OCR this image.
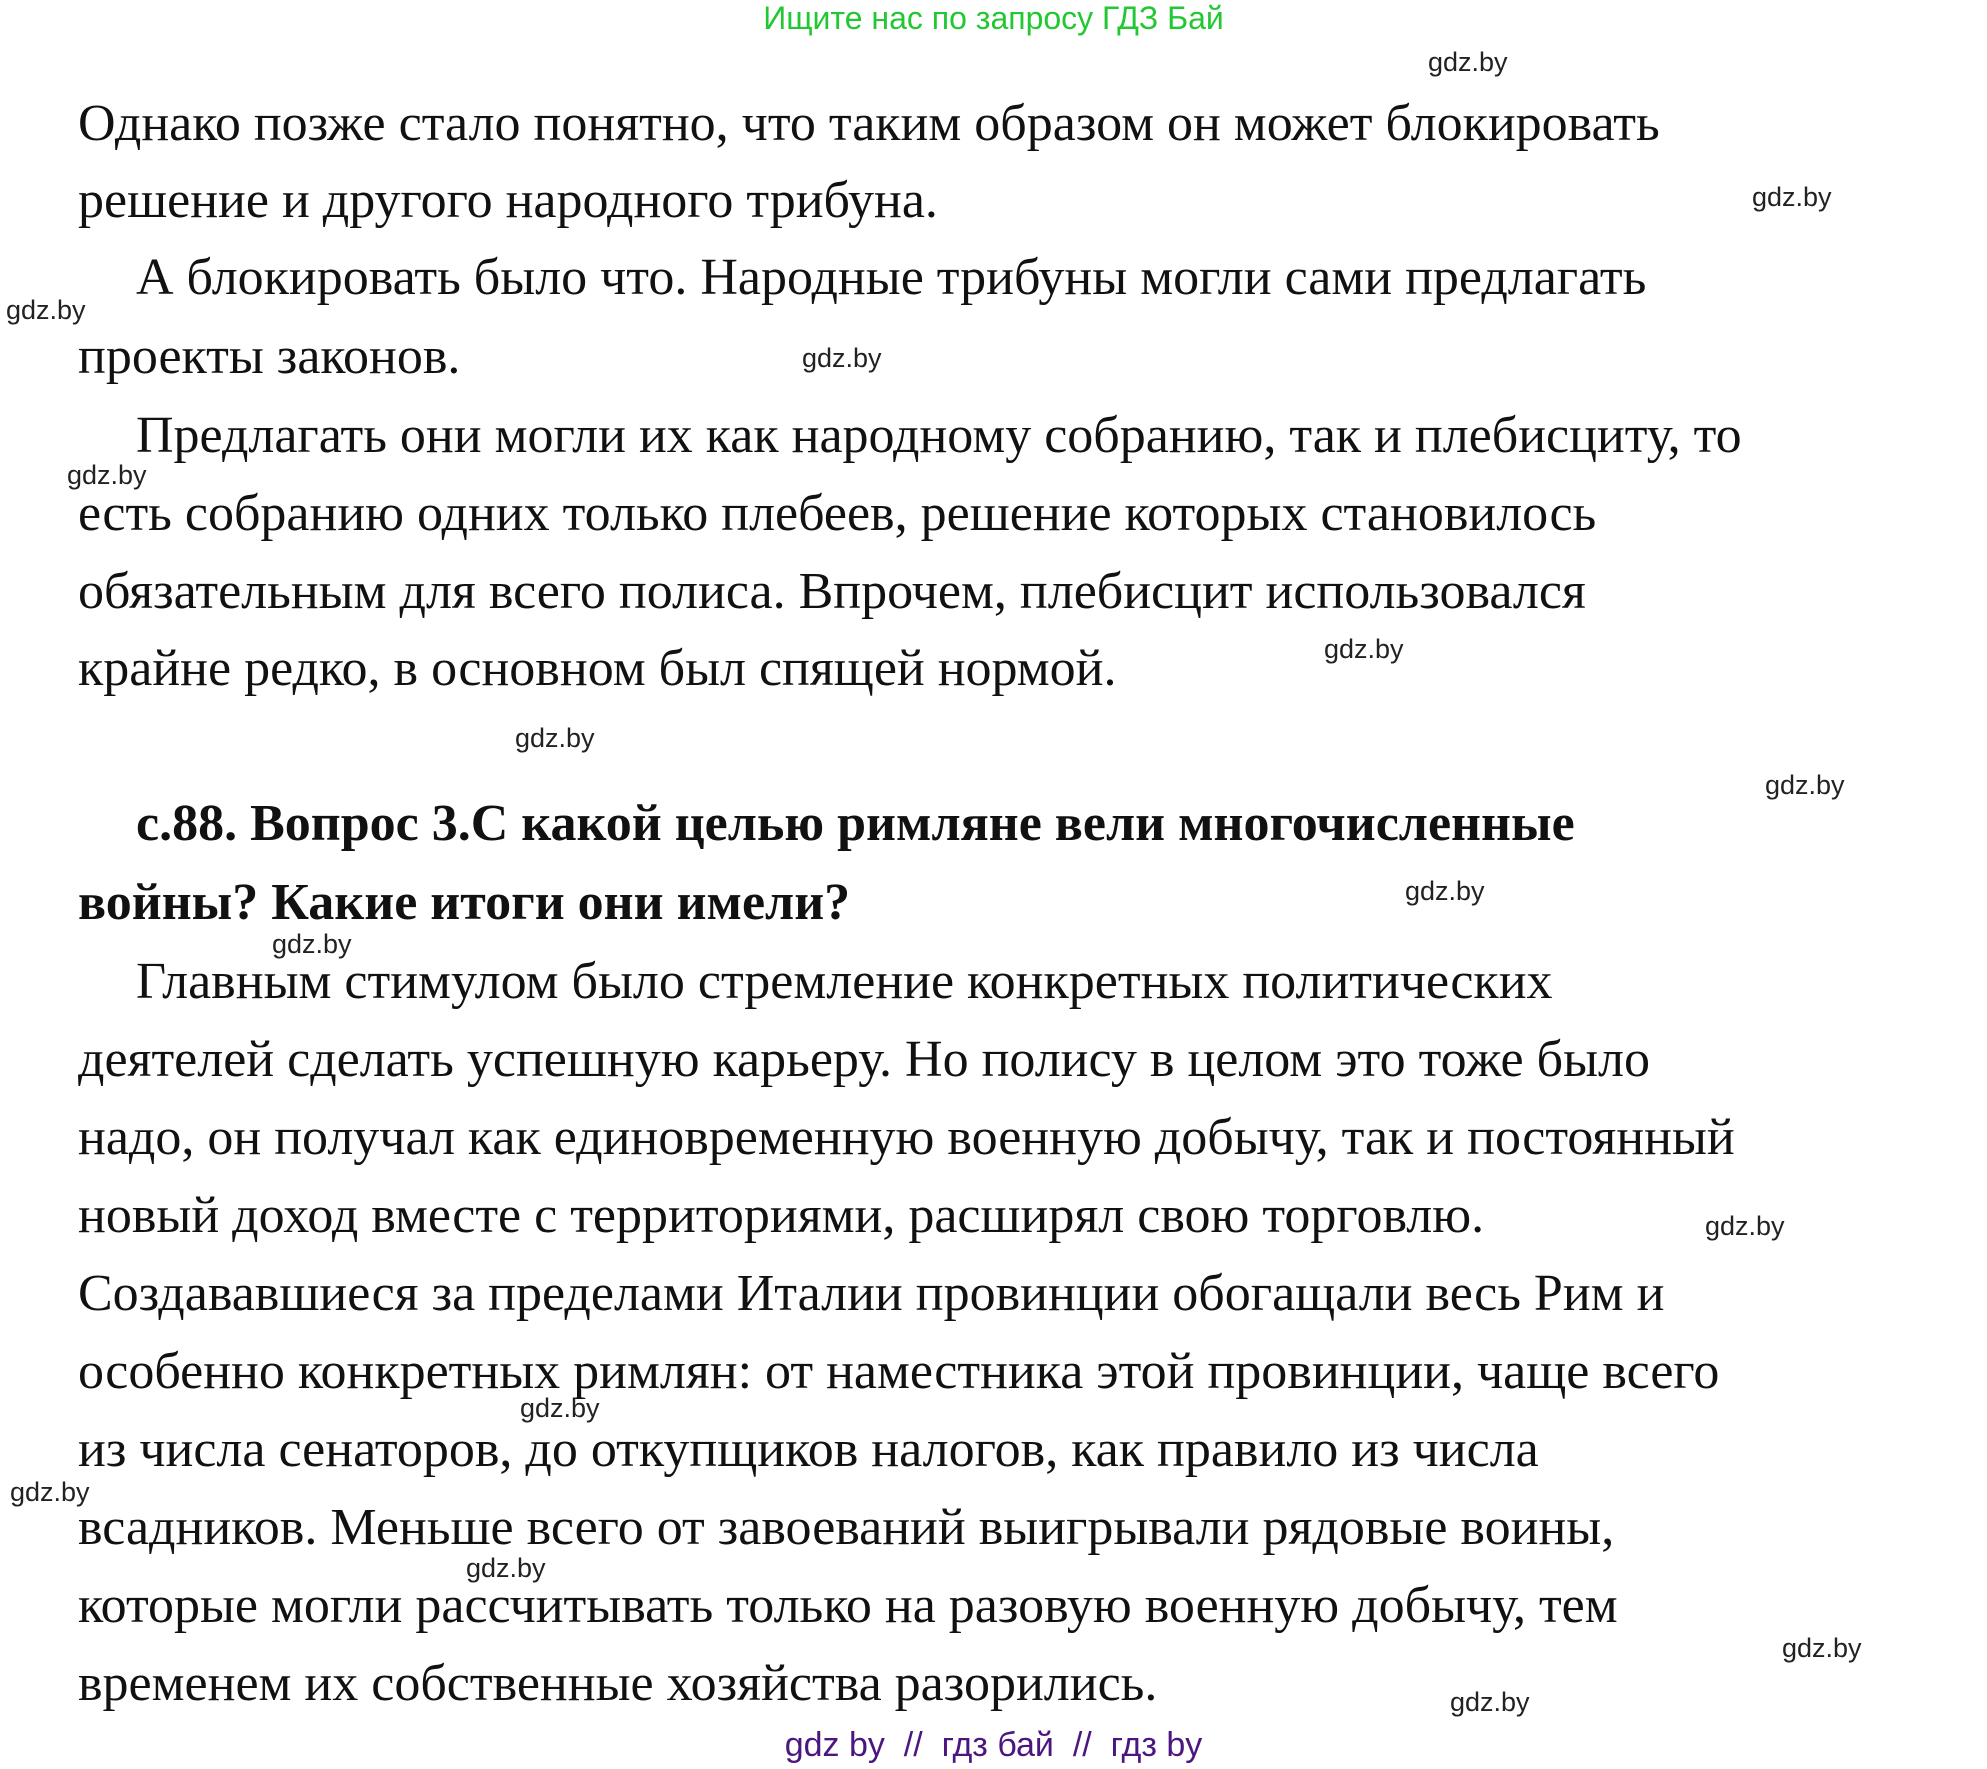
Ищите нас по запросу ГДЗ Бай
Однако позже стало понятно, что таким образом он может блокировать
решение и другого народного трибуна.
А блокировать было что. Народные трибуны могли сами предлагать
проекты законов.
Предлагать они могли их как народному собранию, так и плебисциту, то
есть собранию одних только плебеев, решение которых становилось
обязательным для всего полиса. Впрочем, плебисцит использовался
крайне редко, в основном был спящей нормой.
с.88. Вопрос 3.С какой целью римляне вели многочисленные
войны? Какие итоги они имели?
Главным стимулом было стремление конкретных политических
деятелей сделать успешную карьеру. Но полису в целом это тоже было
надо, он получал как единовременную военную добычу, так и постоянный
новый доход вместе с территориями, расширял свою торговлю.
Создававшиеся за пределами Италии провинции обогащали весь Рим и
особенно конкретных римлян: от наместника этой провинции, чаще всего
из числа сенаторов, до откупщиков налогов, как правило из числа
всадников. Меньше всего от завоеваний выигрывали рядовые воины,
которые могли рассчитывать только на разовую военную добычу, тем
временем их собственные хозяйства разорились.
gdz.by
gdz.by
gdz.by
gdz.by
gdz.by
gdz.by
gdz.by
gdz.by
gdz.by
gdz.by
gdz.by
gdz.by
gdz.by
gdz.by
gdz.by
gdz.by
gdz by  //  гдз бай  //  гдз by
